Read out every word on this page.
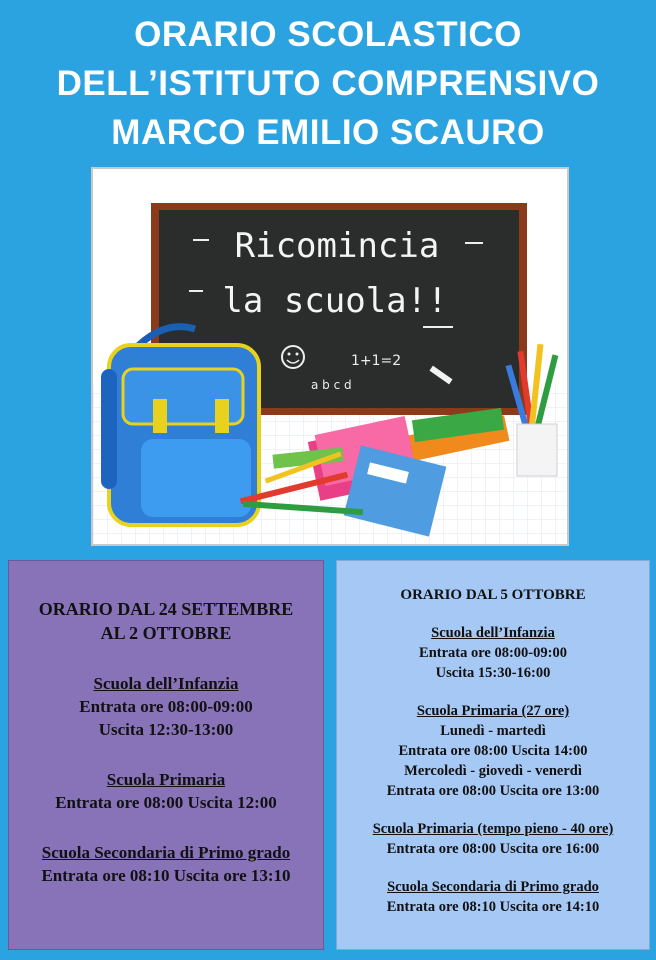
ORARIO SCOLASTICO
DELL’ISTITUTO COMPRENSIVO
MARCO EMILIO SCAURO
Ricomincia
la scuola!!
1+1=2
a b c d
ORARIO DAL 24 SETTEMBRE
AL 2 OTTOBRE
Scuola dell’Infanzia
Entrata ore 08:00-09:00
Uscita 12:30-13:00
Scuola Primaria
Entrata ore 08:00 Uscita 12:00
Scuola Secondaria di Primo grado
Entrata ore 08:10 Uscita ore 13:10
ORARIO DAL 5 OTTOBRE
Scuola dell’Infanzia
Entrata ore 08:00-09:00
Uscita 15:30-16:00
Scuola Primaria (27 ore)
Lunedì - martedì
Entrata ore 08:00 Uscita 14:00
Mercoledì - giovedì - venerdì
Entrata ore 08:00 Uscita ore 13:00
Scuola Primaria (tempo pieno - 40 ore)
Entrata ore 08:00 Uscita ore 16:00
Scuola Secondaria di Primo grado
Entrata ore 08:10 Uscita ore 14:10
